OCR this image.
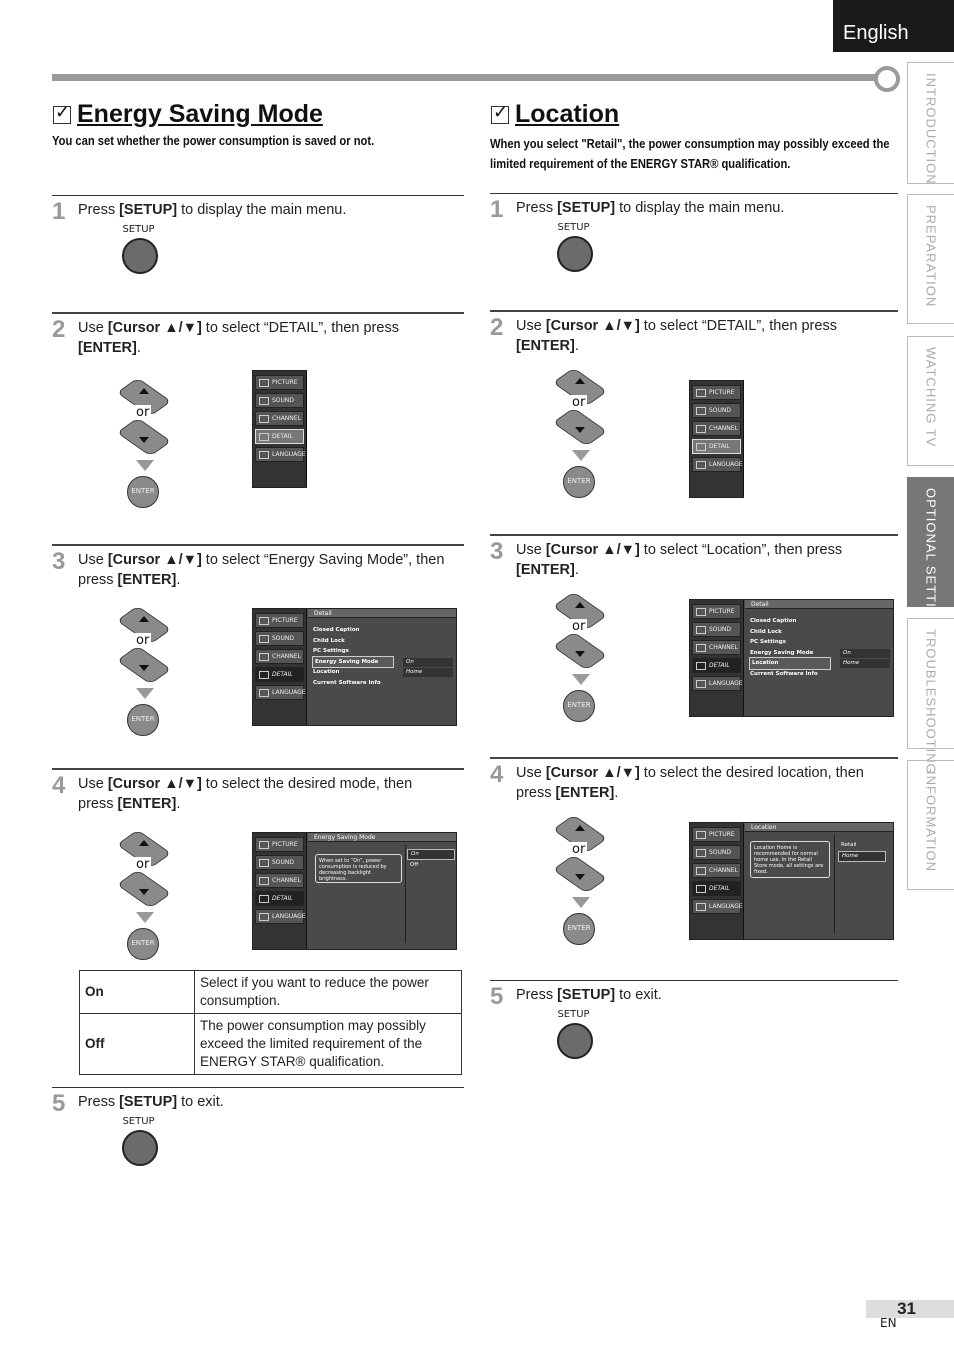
English
INTRODUCTION
PREPARATION
WATCHING TV
OPTIONAL SETTING
TROUBLESHOOTING
INFORMATION
✓
Energy Saving Mode
You can set whether the power consumption is saved or not.
1 Press [SETUP] to display the main menu.
SETUP
2 Use [Cursor ▲/▼] to select “DETAIL”, then press
[ENTER].
or
ENTER
PICTURE
SOUND
CHANNEL
DETAIL
LANGUAGE
3 Use [Cursor ▲/▼] to select “Energy Saving Mode”, then
press [ENTER].
or
ENTER
PICTURE
SOUND
CHANNEL
DETAIL
LANGUAGE
Detail
Closed Caption
Child Lock
PC Settings
Energy Saving Mode
Location
Current Software Info
On
Home
4 Use [Cursor ▲/▼] to select the desired mode, then
press [ENTER].
or
ENTER
PICTURE
SOUND
CHANNEL
DETAIL
LANGUAGE
Energy Saving Mode
When set to “On”, power consumption is reduced by decreasing backlight brightness.
On
Off
On	Select if you want to reduce the power consumption.
Off	The power consumption may possibly exceed the limited requirement of the ENERGY STAR® qualification.
5 Press [SETUP] to exit.
SETUP
✓
Location
When you select "Retail", the power consumption may possibly exceed the
limited requirement of the ENERGY STAR® qualification.
1 Press [SETUP] to display the main menu.
SETUP
2 Use [Cursor ▲/▼] to select “DETAIL”, then press
[ENTER].
or
ENTER
PICTURE
SOUND
CHANNEL
DETAIL
LANGUAGE
3 Use [Cursor ▲/▼] to select “Location”, then press
[ENTER].
or
ENTER
PICTURE
SOUND
CHANNEL
DETAIL
LANGUAGE
Detail
Closed Caption
Child Lock
PC Settings
Energy Saving Mode
Location
Current Software Info
On
Home
4 Use [Cursor ▲/▼] to select the desired location, then
press [ENTER].
or
ENTER
PICTURE
SOUND
CHANNEL
DETAIL
LANGUAGE
Location
Location Home is recommended for normal home use. In the Retail Store mode, all settings are fixed.
Retail
Home
5 Press [SETUP] to exit.
SETUP
31
EN
